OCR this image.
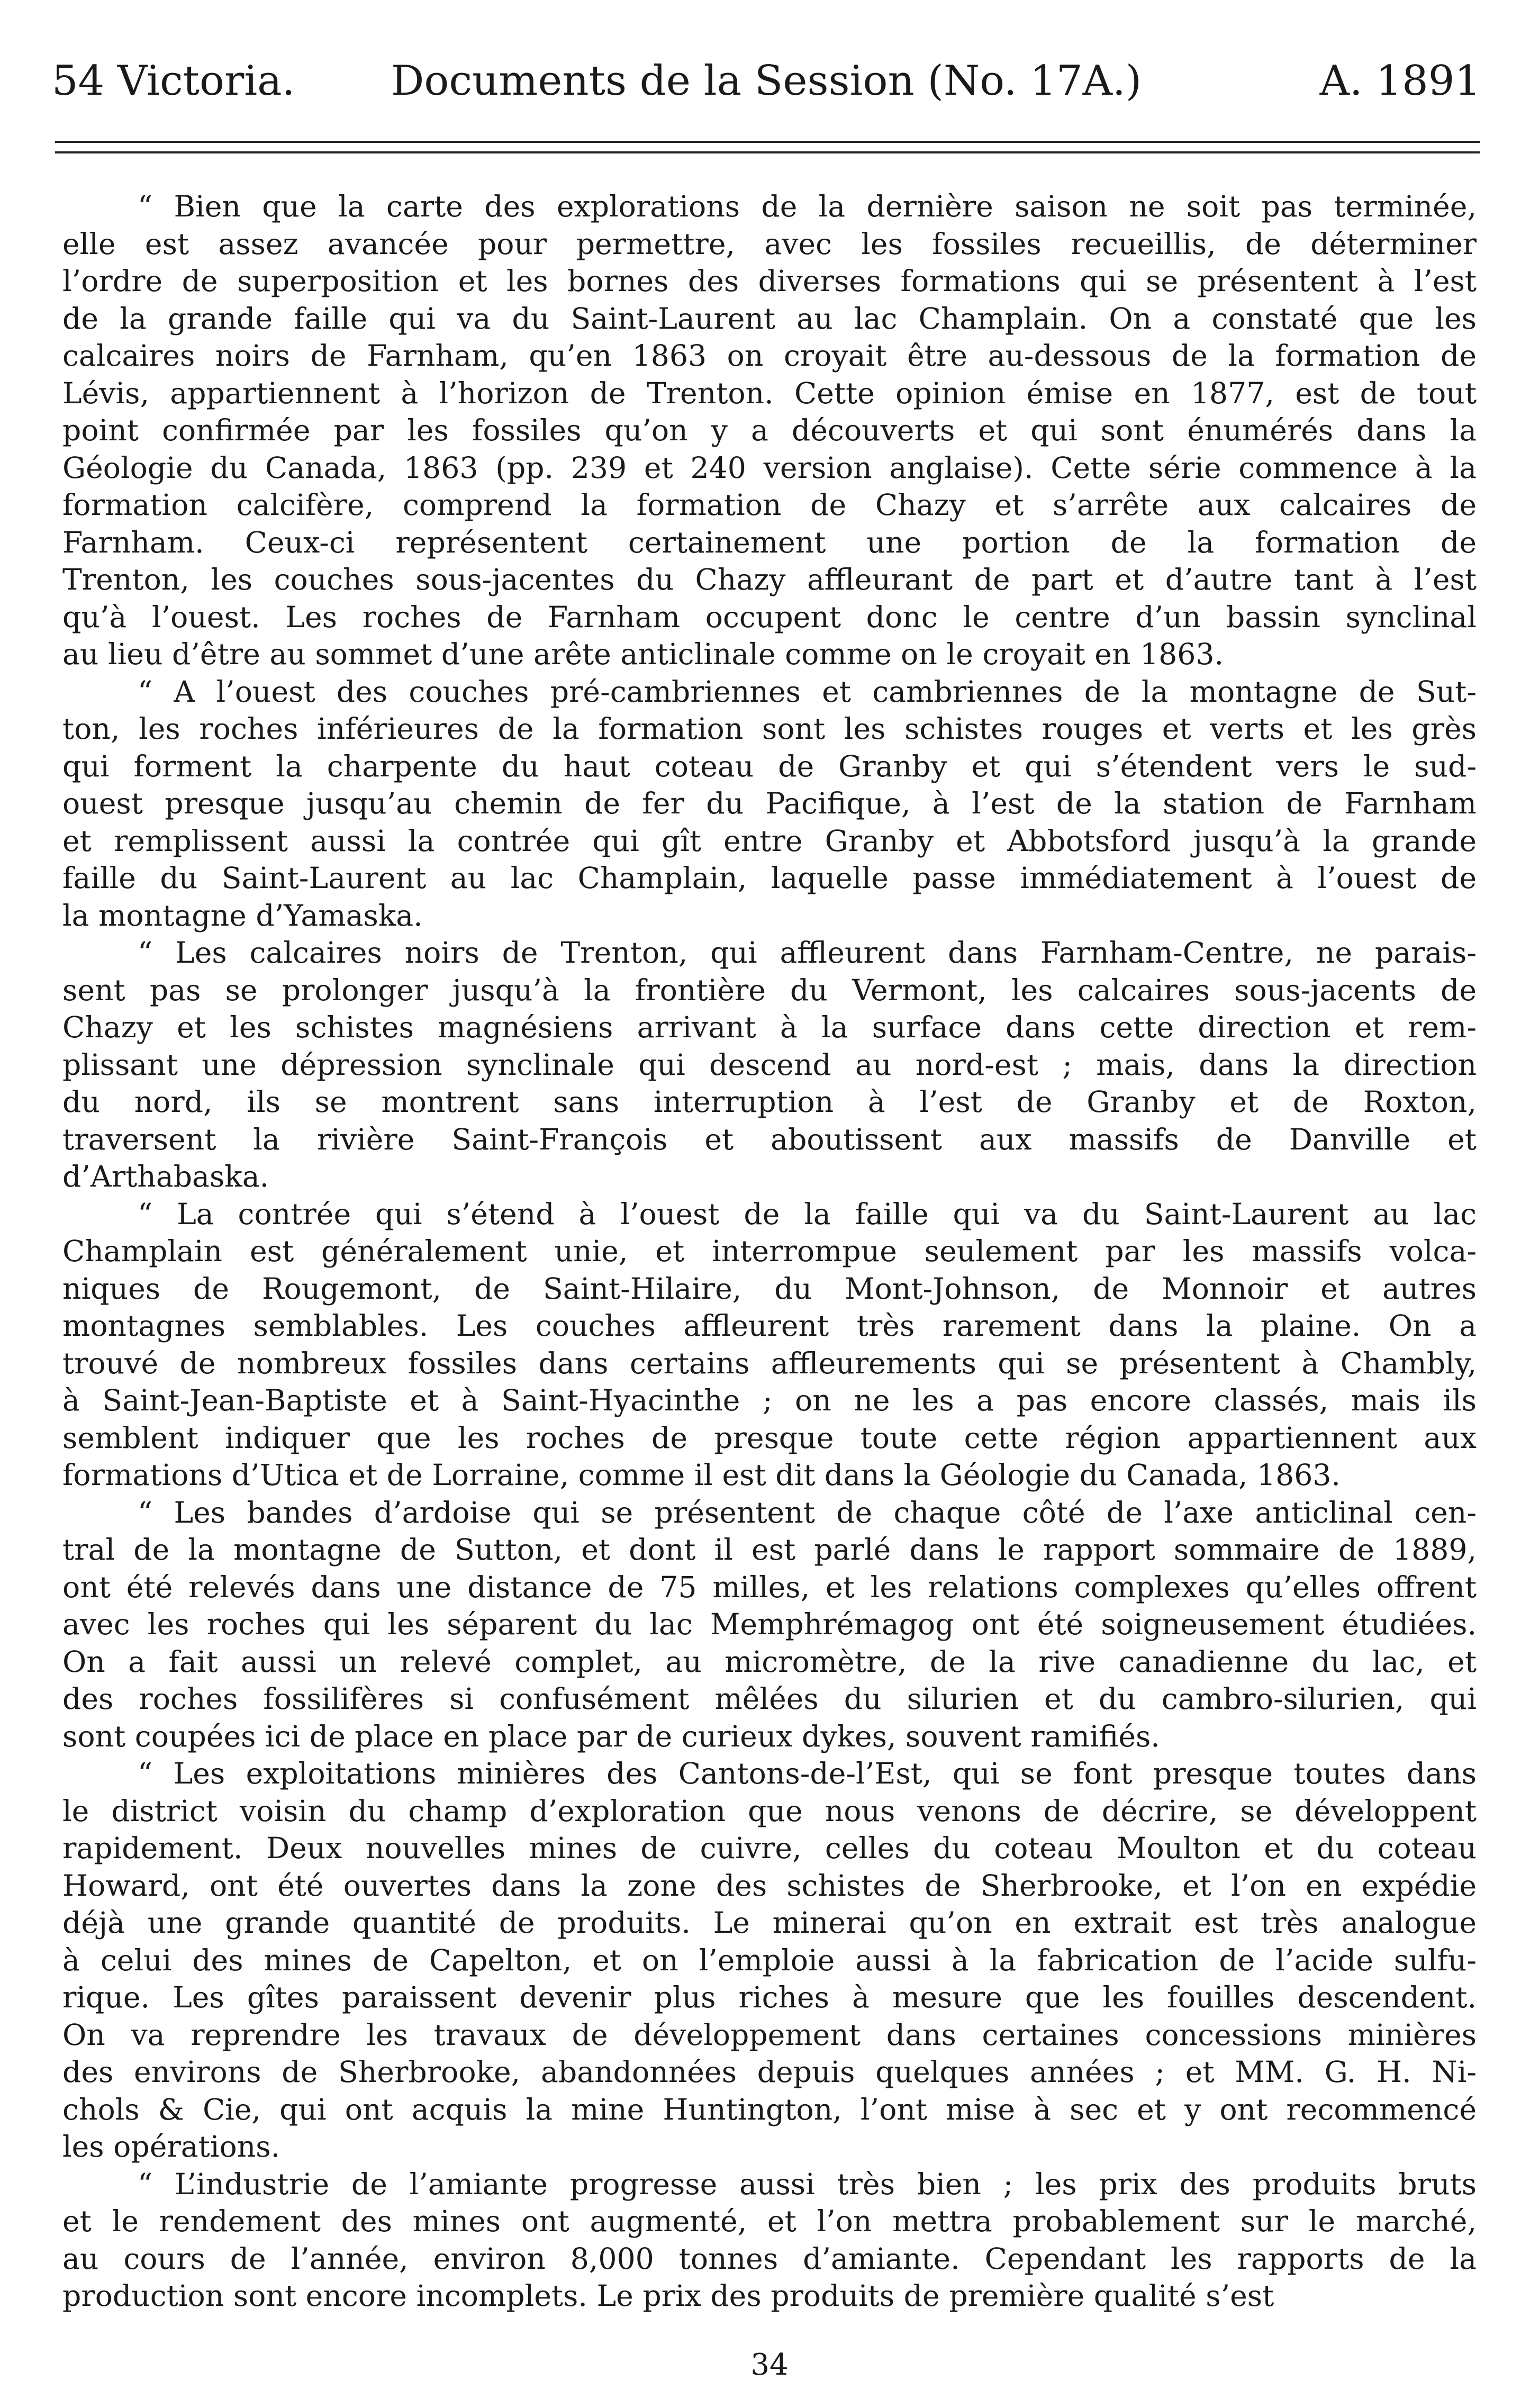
54 Victoria.	Documents de la Session (No. 17A.)	A. 1891
“ Bien que la carte des explorations de la dernière saison ne soit pas terminée,
elle est assez avancée pour permettre, avec les fossiles recueillis, de déterminer
l’ordre de superposition et les bornes des diverses formations qui se présentent à l’est
de la grande faille qui va du Saint-Laurent au lac Champlain. On a constaté que les
calcaires noirs de Farnham, qu’en 1863 on croyait être au-dessous de la formation de
Lévis, appartiennent à l’horizon de Trenton. Cette opinion émise en 1877, est de tout
point confirmée par les fossiles qu’on y a découverts et qui sont énumérés dans la
Géologie du Canada, 1863 (pp. 239 et 240 version anglaise). Cette série commence à la
formation calcifère, comprend la formation de Chazy et s’arrête aux calcaires de
Farnham. Ceux-ci représentent certainement une portion de la formation de
Trenton, les couches sous-jacentes du Chazy affleurant de part et d’autre tant à l’est
qu’à l’ouest. Les roches de Farnham occupent donc le centre d’un bassin synclinal
au lieu d’être au sommet d’une arête anticlinale comme on le croyait en 1863.
“ A l’ouest des couches pré-cambriennes et cambriennes de la montagne de Sut-
ton, les roches inférieures de la formation sont les schistes rouges et verts et les grès
qui forment la charpente du haut coteau de Granby et qui s’étendent vers le sud-
ouest presque jusqu’au chemin de fer du Pacifique, à l’est de la station de Farnham
et remplissent aussi la contrée qui gît entre Granby et Abbotsford jusqu’à la grande
faille du Saint-Laurent au lac Champlain, laquelle passe immédiatement à l’ouest de
la montagne d’Yamaska.
“ Les calcaires noirs de Trenton, qui affleurent dans Farnham-Centre, ne parais-
sent pas se prolonger jusqu’à la frontière du Vermont, les calcaires sous-jacents de
Chazy et les schistes magnésiens arrivant à la surface dans cette direction et rem-
plissant une dépression synclinale qui descend au nord-est ; mais, dans la direction
du nord, ils se montrent sans interruption à l’est de Granby et de Roxton,
traversent la rivière Saint-François et aboutissent aux massifs de Danville et
d’Arthabaska.
“ La contrée qui s’étend à l’ouest de la faille qui va du Saint-Laurent au lac
Champlain est généralement unie, et interrompue seulement par les massifs volca-
niques de Rougemont, de Saint-Hilaire, du Mont-Johnson, de Monnoir et autres
montagnes semblables. Les couches affleurent très rarement dans la plaine. On a
trouvé de nombreux fossiles dans certains affleurements qui se présentent à Chambly,
à Saint-Jean-Baptiste et à Saint-Hyacinthe ; on ne les a pas encore classés, mais ils
semblent indiquer que les roches de presque toute cette région appartiennent aux
formations d’Utica et de Lorraine, comme il est dit dans la Géologie du Canada, 1863.
“ Les bandes d’ardoise qui se présentent de chaque côté de l’axe anticlinal cen-
tral de la montagne de Sutton, et dont il est parlé dans le rapport sommaire de 1889,
ont été relevés dans une distance de 75 milles, et les relations complexes qu’elles offrent
avec les roches qui les séparent du lac Memphrémagog ont été soigneusement étudiées.
On a fait aussi un relevé complet, au micromètre, de la rive canadienne du lac, et
des roches fossilifères si confusément mêlées du silurien et du cambro-silurien, qui
sont coupées ici de place en place par de curieux dykes, souvent ramifiés.
“ Les exploitations minières des Cantons-de-l’Est, qui se font presque toutes dans
le district voisin du champ d’exploration que nous venons de décrire, se développent
rapidement. Deux nouvelles mines de cuivre, celles du coteau Moulton et du coteau
Howard, ont été ouvertes dans la zone des schistes de Sherbrooke, et l’on en expédie
déjà une grande quantité de produits. Le minerai qu’on en extrait est très analogue
à celui des mines de Capelton, et on l’emploie aussi à la fabrication de l’acide sulfu-
rique. Les gîtes paraissent devenir plus riches à mesure que les fouilles descendent.
On va reprendre les travaux de développement dans certaines concessions minières
des environs de Sherbrooke, abandonnées depuis quelques années ; et MM. G. H. Ni-
chols & Cie, qui ont acquis la mine Huntington, l’ont mise à sec et y ont recommencé
les opérations.
“ L’industrie de l’amiante progresse aussi très bien ; les prix des produits bruts
et le rendement des mines ont augmenté, et l’on mettra probablement sur le marché,
au cours de l’année, environ 8,000 tonnes d’amiante. Cependant les rapports de la
production sont encore incomplets. Le prix des produits de première qualité s’est
34
